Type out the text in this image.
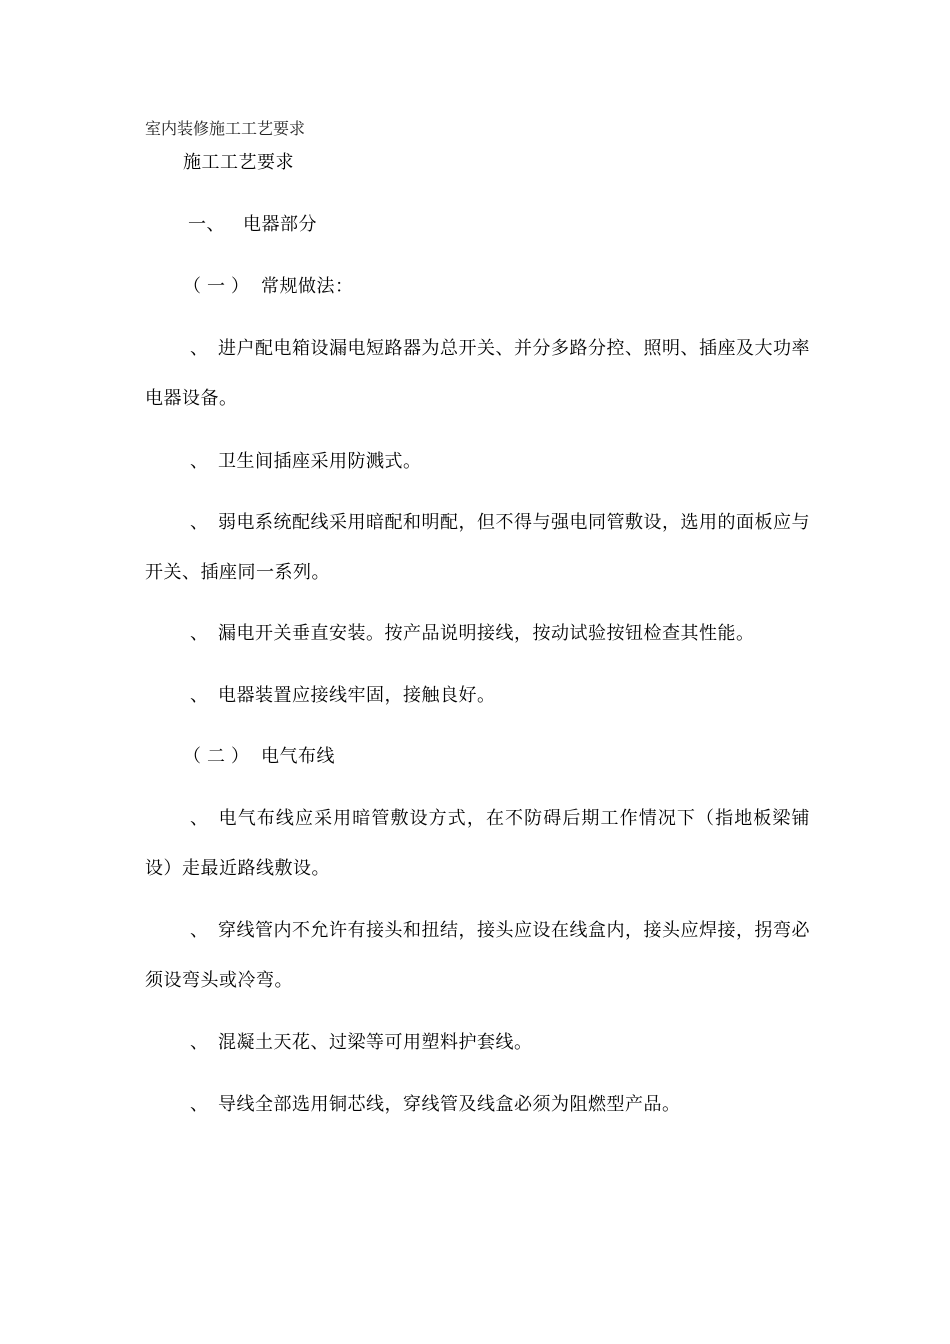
室内装修施工工艺要求
施工工艺要求
一、 电器部分
（一） 常规做法：

、 进户配电箱设漏电短路器为总开关、并分多路分控、照明、插座及大功率电器设备。

、 卫生间插座采用防溅式。

、 弱电系统配线采用暗配和明配，但不得与强电同管敷设，选用的面板应与开关、插座同一系列。

、 漏电开关垂直安装。按产品说明接线，按动试验按钮检查其性能。

、 电器装置应接线牢固，接触良好。

（二） 电气布线

、 电气布线应采用暗管敷设方式，在不防碍后期工作情况下（指地板梁铺设）走最近路线敷设。

、 穿线管内不允许有接头和扭结，接头应设在线盒内，接头应焊接，拐弯必须设弯头或冷弯。

、 混凝土天花、过梁等可用塑料护套线。

、 导线全部选用铜芯线，穿线管及线盒必须为阻燃型产品。
